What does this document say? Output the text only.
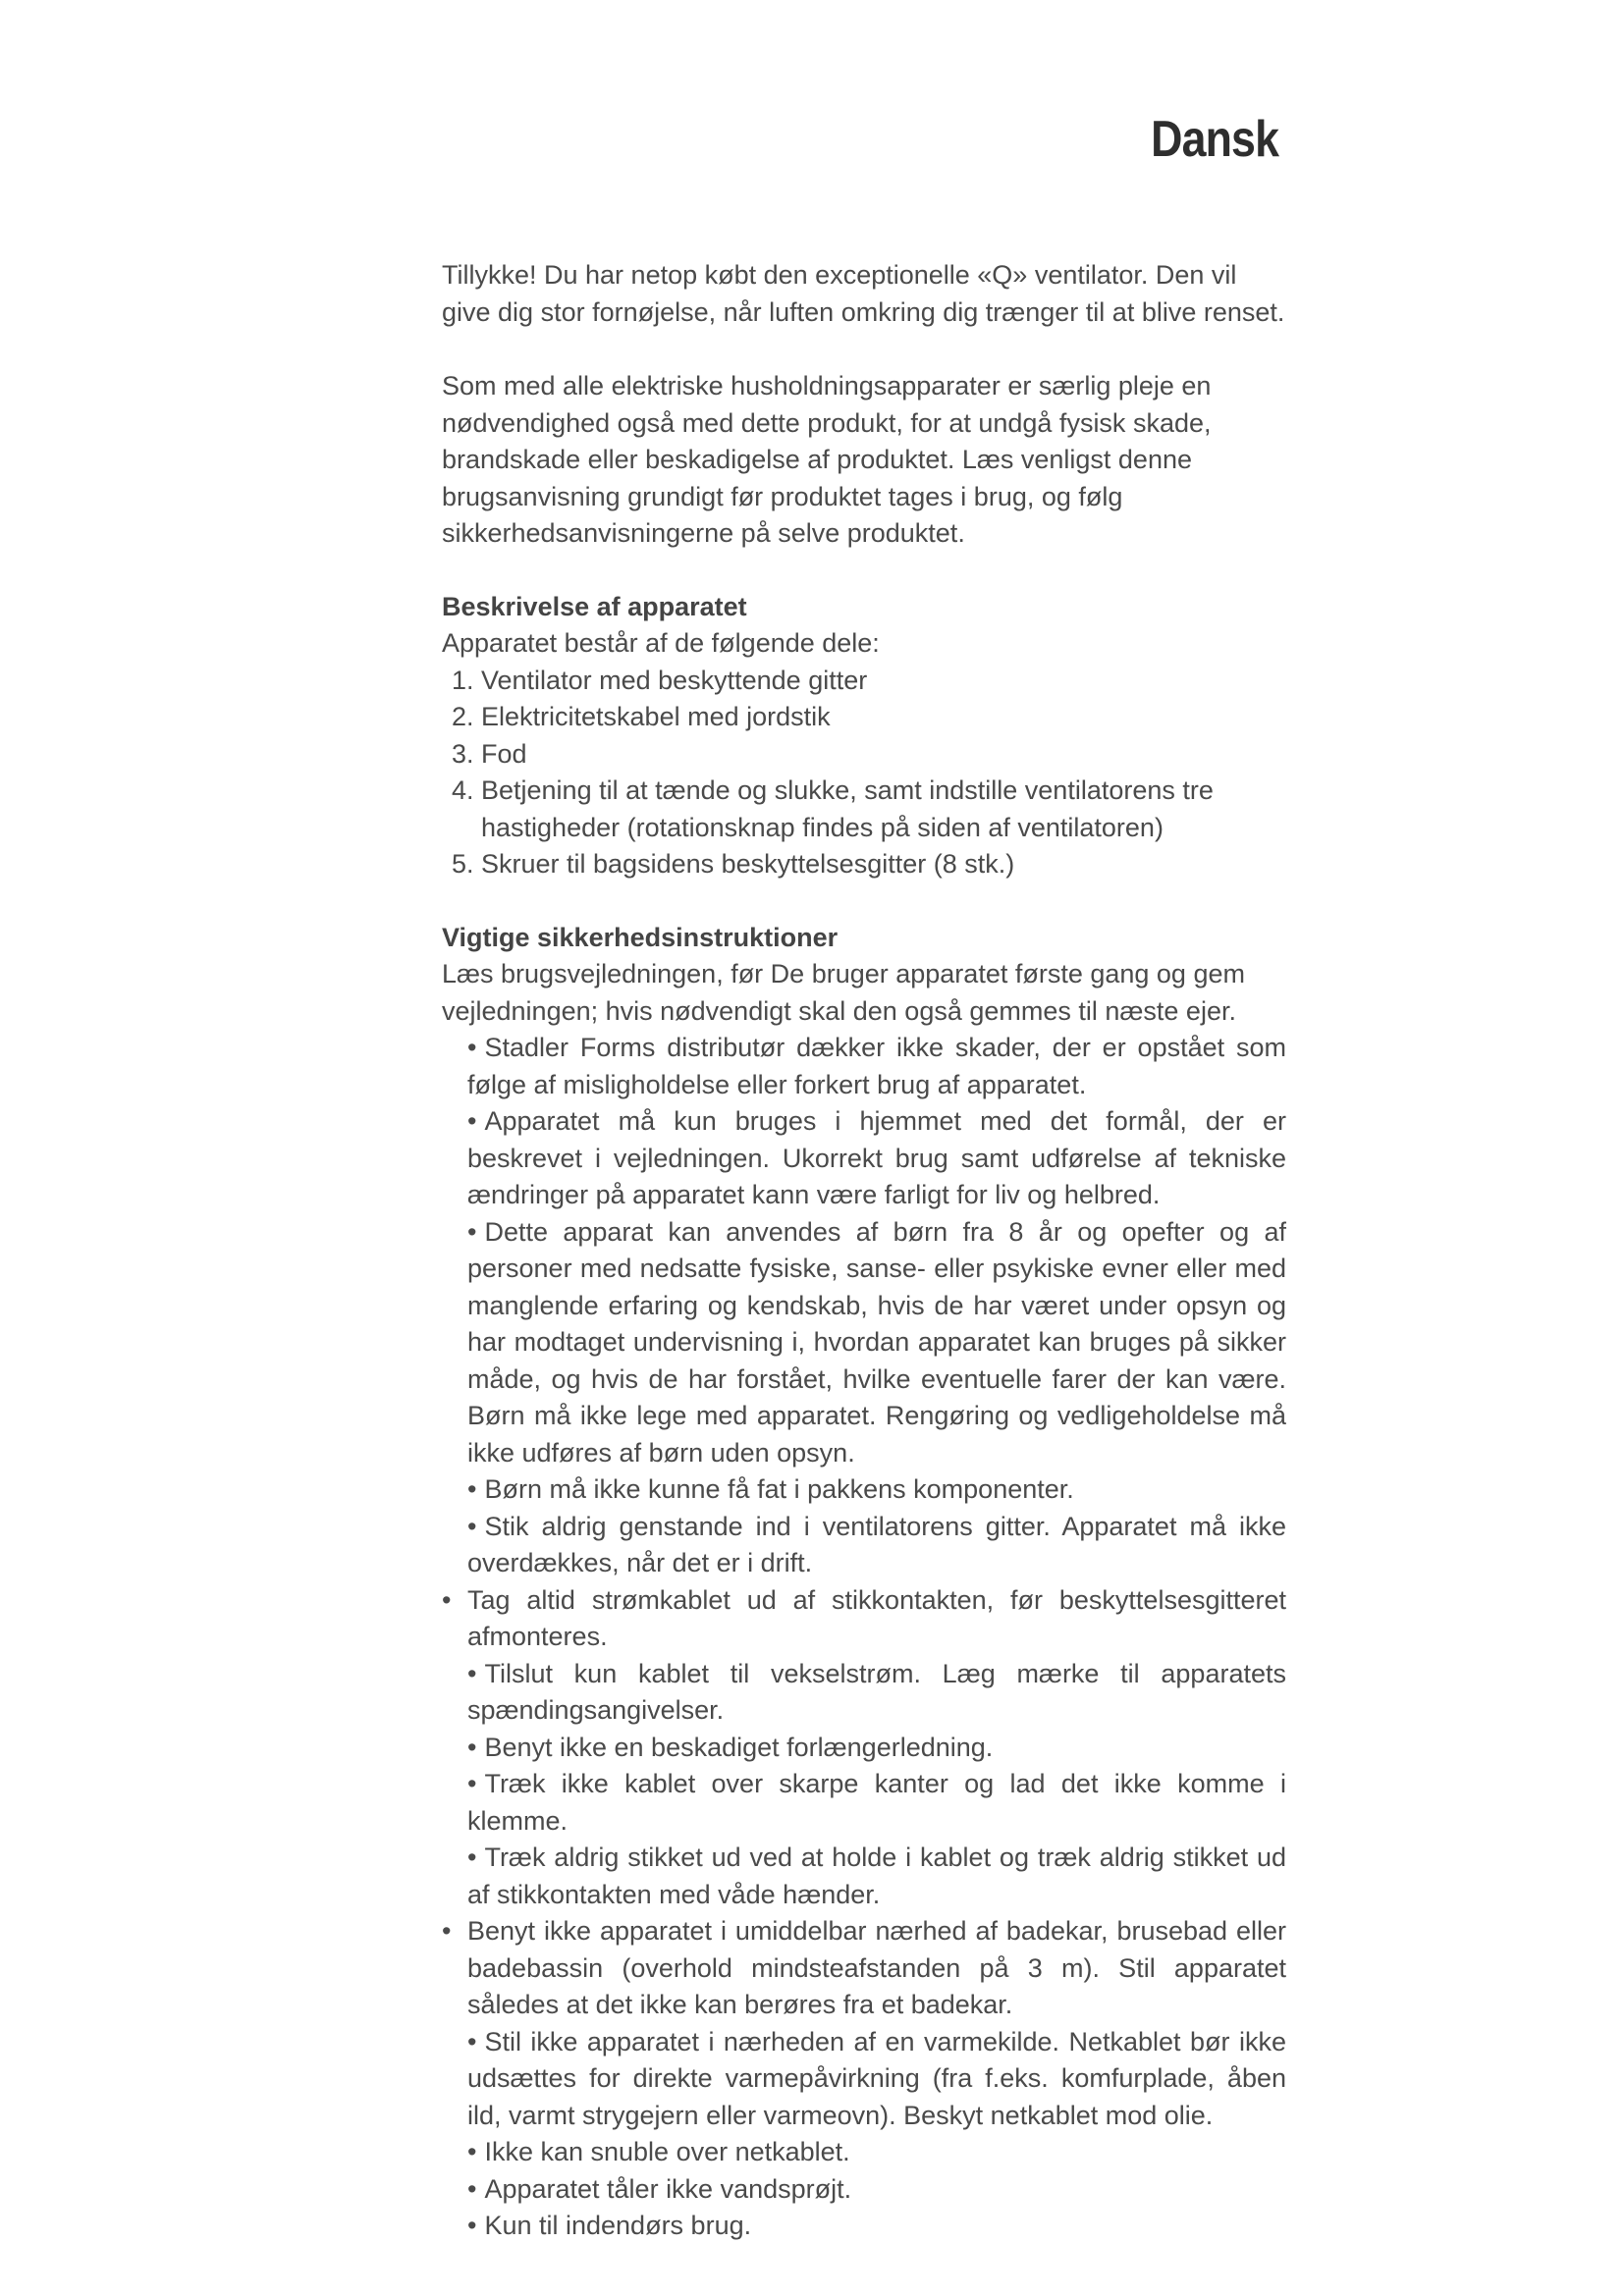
Dansk

Tillykke! Du har netop købt den exceptionelle «Q» ventilator. Den vil give dig stor fornøjelse, når luften omkring dig trænger til at blive renset.

Som med alle elektriske husholdningsapparater er særlig pleje en nødvendighed også med dette produkt, for at undgå fysisk skade, brandskade eller beskadigelse af produktet. Læs venligst denne brugsanvisning grundigt før produktet tages i brug, og følg sikkerhedsanvisningerne på selve produktet.

Beskrivelse af apparatet

Apparatet består af de følgende dele:

1. Ventilator med beskyttende gitter
2. Elektricitetskabel med jordstik
3. Fod
4. Betjening til at tænde og slukke, samt indstille ventilatorens tre hastigheder (rotationsknap findes på siden af ventilatoren)
5. Skruer til bagsidens beskyttelsesgitter (8 stk.)
Vigtige sikkerhedsinstruktioner

Læs brugsvejledningen, før De bruger apparatet første gang og gem vejledningen; hvis nødvendigt skal den også gemmes til næste ejer.

• Stadler Forms distributør dækker ikke skader, der er opstået som følge af misligholdelse eller forkert brug af apparatet.
• Apparatet må kun bruges i hjemmet med det formål, der er beskrevet i vejledningen. Ukorrekt brug samt udførelse af tekniske ændringer på apparatet kann være farligt for liv og helbred.
• Dette apparat kan anvendes af børn fra 8 år og opefter og af personer med nedsatte fysiske, sanse- eller psykiske evner eller med manglende erfaring og kendskab, hvis de har været under opsyn og har modtaget undervisning i, hvordan apparatet kan bruges på sikker måde, og hvis de har forstået, hvilke eventuelle farer der kan være. Børn må ikke lege med apparatet. Rengøring og vedligeholdelse må ikke udføres af børn uden opsyn.
• Børn må ikke kunne få fat i pakkens komponenter.
• Stik aldrig genstande ind i ventilatorens gitter. Apparatet må ikke overdækkes, når det er i drift.
• Tag altid strømkablet ud af stikkontakten, før beskyttelsesgitteret afmonteres.
• Tilslut kun kablet til vekselstrøm. Læg mærke til apparatets spændingsangivelser.
• Benyt ikke en beskadiget forlængerledning.
• Træk ikke kablet over skarpe kanter og lad det ikke komme i klemme.
• Træk aldrig stikket ud ved at holde i kablet og træk aldrig stikket ud af stikkontakten med våde hænder.
• Benyt ikke apparatet i umiddelbar nærhed af badekar, brusebad eller badebassin (overhold mindsteafstanden på 3 m). Stil apparatet således at det ikke kan berøres fra et badekar.
• Stil ikke apparatet i nærheden af en varmekilde. Netkablet bør ikke udsættes for direkte varmepåvirkning (fra f.eks. komfurplade, åben ild, varmt strygejern eller varmeovn). Beskyt netkablet mod olie.
• Ikke kan snuble over netkablet.
• Apparatet tåler ikke vandsprøjt.
• Kun til indendørs brug.
